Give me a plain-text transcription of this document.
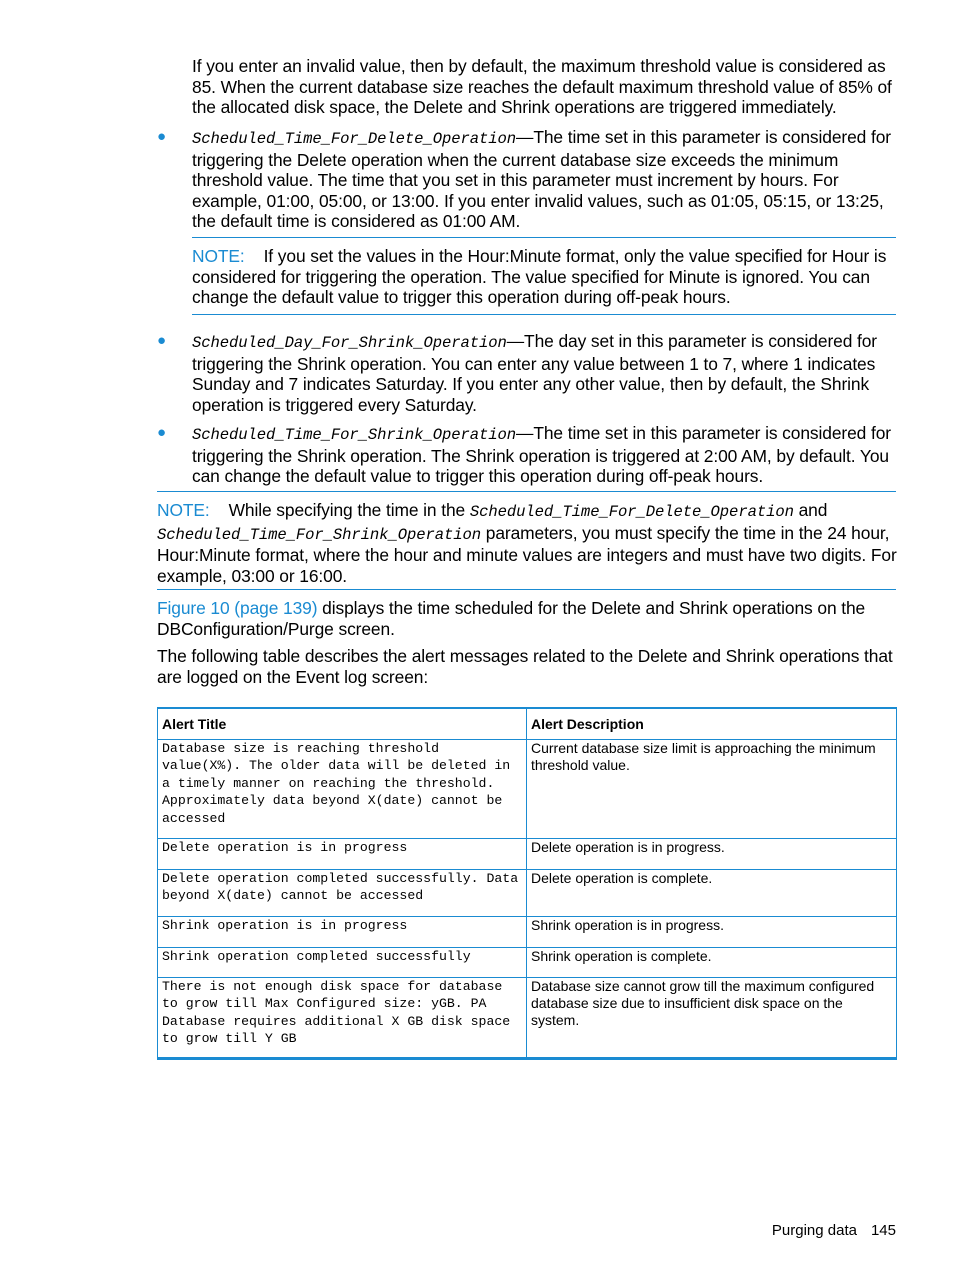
If you enter an invalid value, then by default, the maximum threshold value is considered as 85. When the current database size reaches the default maximum threshold value of 85% of the allocated disk space, the Delete and Shrink operations are triggered immediately.
● Scheduled_Time_For_Delete_Operation—The time set in this parameter is considered for triggering the Delete operation when the current database size exceeds the minimum threshold value. The time that you set in this parameter must increment by hours. For example, 01:00, 05:00, or 13:00. If you enter invalid values, such as 01:05, 05:15, or 13:25, the default time is considered as 01:00 AM.
NOTE: If you set the values in the Hour:Minute format, only the value specified for Hour is considered for triggering the operation. The value specified for Minute is ignored. You can change the default value to trigger this operation during off-peak hours.
● Scheduled_Day_For_Shrink_Operation—The day set in this parameter is considered for triggering the Shrink operation. You can enter any value between 1 to 7, where 1 indicates Sunday and 7 indicates Saturday. If you enter any other value, then by default, the Shrink operation is triggered every Saturday.
● Scheduled_Time_For_Shrink_Operation—The time set in this parameter is considered for triggering the Shrink operation. The Shrink operation is triggered at 2:00 AM, by default. You can change the default value to trigger this operation during off-peak hours.
NOTE: While specifying the time in the Scheduled_Time_For_Delete_Operation and Scheduled_Time_For_Shrink_Operation parameters, you must specify the time in the 24 hour, Hour:Minute format, where the hour and minute values are integers and must have two digits. For example, 03:00 or 16:00.
Figure 10 (page 139) displays the time scheduled for the Delete and Shrink operations on the DBConfiguration/Purge screen.
The following table describes the alert messages related to the Delete and Shrink operations that are logged on the Event log screen:
Alert Title	Alert Description
Database size is reaching threshold value(X%). The older data will be deleted in a timely manner on reaching the threshold. Approximately data beyond X(date) cannot be accessed	Current database size limit is approaching the minimum threshold value.
Delete operation is in progress	Delete operation is in progress.
Delete operation completed successfully. Data beyond X(date) cannot be accessed	Delete operation is complete.
Shrink operation is in progress	Shrink operation is in progress.
Shrink operation completed successfully	Shrink operation is complete.
There is not enough disk space for database to grow till Max Configured size: yGB. PA Database requires additional X GB disk space to grow till Y GB	Database size cannot grow till the maximum configured database size due to insufficient disk space on the system.
Purging data 145
